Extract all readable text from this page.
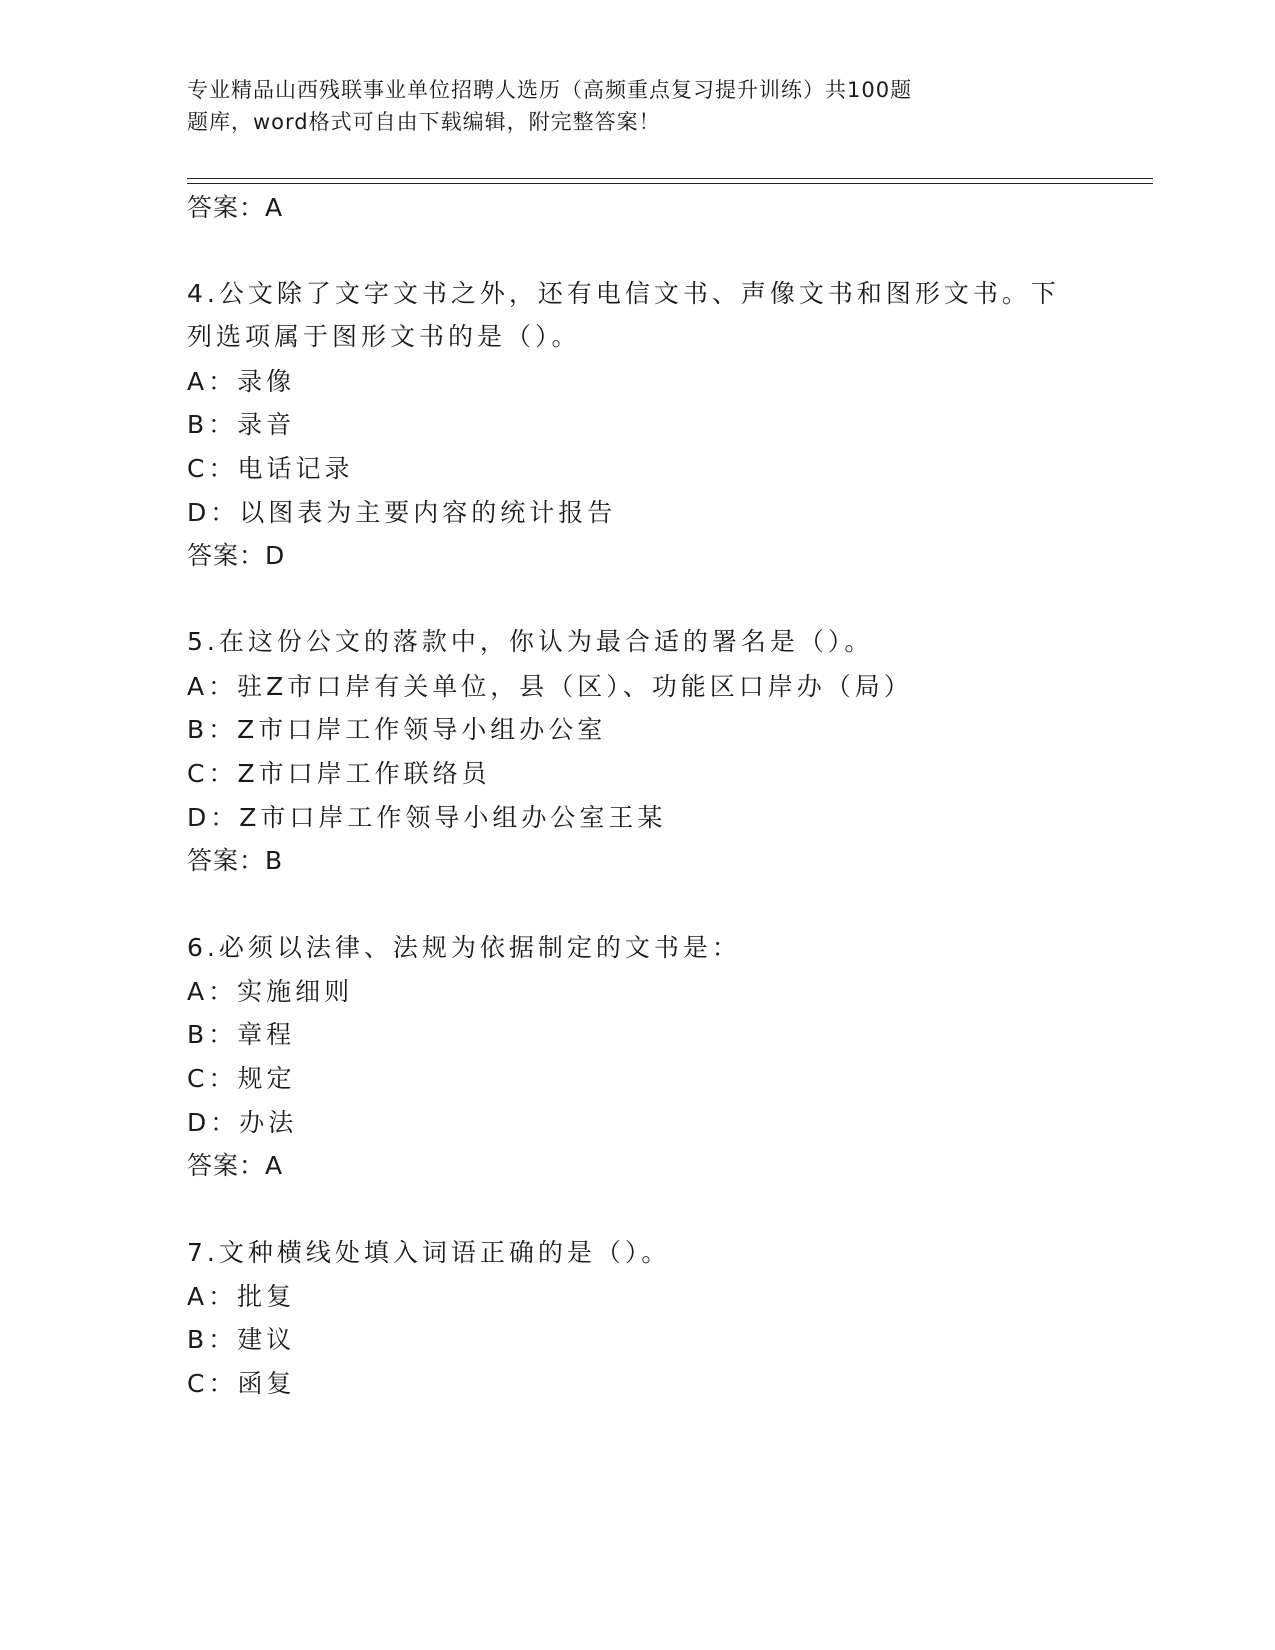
专业精品山西残联事业单位招聘人选历（高频重点复习提升训练）共100题
题库，word格式可自由下载编辑，附完整答案！
答案：A
4.公文除了文字文书之外，还有电信文书、声像文书和图形文书。下
列选项属于图形文书的是（）。
A：录像
B：录音
C：电话记录
D：以图表为主要内容的统计报告
答案：D
5.在这份公文的落款中，你认为最合适的署名是（）。
A：驻Z市口岸有关单位，县（区）、功能区口岸办（局）
B：Z市口岸工作领导小组办公室
C：Z市口岸工作联络员
D：Z市口岸工作领导小组办公室王某
答案：B
6.必须以法律、法规为依据制定的文书是：
A：实施细则
B：章程
C：规定
D：办法
答案：A
7.文种横线处填入词语正确的是（）。
A：批复
B：建议
C：函复
